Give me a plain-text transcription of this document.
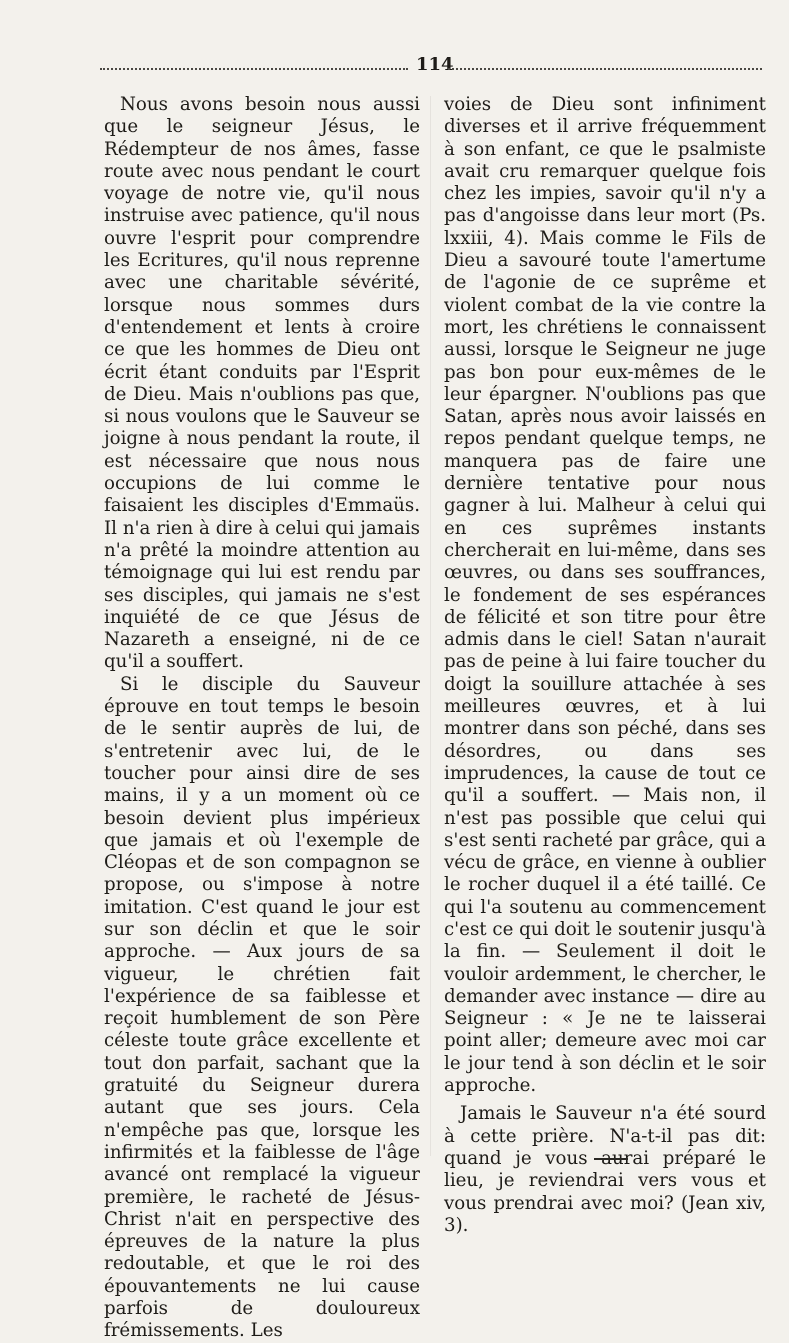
114

Nous avons besoin nous aussi que le seigneur Jésus, le Rédempteur de nos âmes, fasse route avec nous pendant le court voyage de notre vie, qu'il nous instruise avec patience, qu'il nous ouvre l'esprit pour comprendre les Ecritures, qu'il nous reprenne avec une charitable sévérité, lorsque nous sommes durs d'entendement et lents à croire ce que les hommes de Dieu ont écrit étant conduits par l'Esprit de Dieu. Mais n'oublions pas que, si nous voulons que le Sauveur se joigne à nous pendant la route, il est nécessaire que nous nous occupions de lui comme le faisaient les disciples d'Emmaüs. Il n'a rien à dire à celui qui jamais n'a prêté la moindre attention au témoignage qui lui est rendu par ses disciples, qui jamais ne s'est inquiété de ce que Jésus de Nazareth a enseigné, ni de ce qu'il a souffert.

Si le disciple du Sauveur éprouve en tout temps le besoin de le sentir auprès de lui, de s'entretenir avec lui, de le toucher pour ainsi dire de ses mains, il y a un moment où ce besoin devient plus impérieux que jamais et où l'exemple de Cléopas et de son compagnon se propose, ou s'impose à notre imitation. C'est quand le jour est sur son déclin et que le soir approche. — Aux jours de sa vigueur, le chrétien fait l'expérience de sa faiblesse et reçoit humblement de son Père céleste toute grâce excellente et tout don parfait, sachant que la gratuité du Seigneur durera autant que ses jours. Cela n'empêche pas que, lorsque les infirmités et la faiblesse de l'âge avancé ont remplacé la vigueur première, le racheté de Jésus-Christ n'ait en perspective des épreuves de la nature la plus redoutable, et que le roi des épouvantements ne lui cause parfois de douloureux frémissements. Les

voies de Dieu sont infiniment diverses et il arrive fréquemment à son enfant, ce que le psalmiste avait cru remarquer quelque fois chez les impies, savoir qu'il n'y a pas d'angoisse dans leur mort (Ps. lxxiii, 4). Mais comme le Fils de Dieu a savouré toute l'amertume de l'agonie de ce suprême et violent combat de la vie contre la mort, les chrétiens le connaissent aussi, lorsque le Seigneur ne juge pas bon pour eux-mêmes de le leur épargner. N'oublions pas que Satan, après nous avoir laissés en repos pendant quelque temps, ne manquera pas de faire une dernière tentative pour nous gagner à lui. Malheur à celui qui en ces suprêmes instants chercherait en lui-même, dans ses œuvres, ou dans ses souffrances, le fondement de ses espérances de félicité et son titre pour être admis dans le ciel! Satan n'aurait pas de peine à lui faire toucher du doigt la souillure attachée à ses meilleures œuvres, et à lui montrer dans son péché, dans ses désordres, ou dans ses imprudences, la cause de tout ce qu'il a souffert. — Mais non, il n'est pas possible que celui qui s'est senti racheté par grâce, qui a vécu de grâce, en vienne à oublier le rocher duquel il a été taillé. Ce qui l'a soutenu au commencement c'est ce qui doit le soutenir jusqu'à la fin. — Seulement il doit le vouloir ardemment, le chercher, le demander avec instance — dire au Seigneur : « Je ne te laisserai point aller; demeure avec moi car le jour tend à son déclin et le soir approche.

Jamais le Sauveur n'a été sourd à cette prière. N'a-t-il pas dit: quand je vous aurai préparé le lieu, je reviendrai vers vous et vous prendrai avec moi? (Jean xiv, 3).
